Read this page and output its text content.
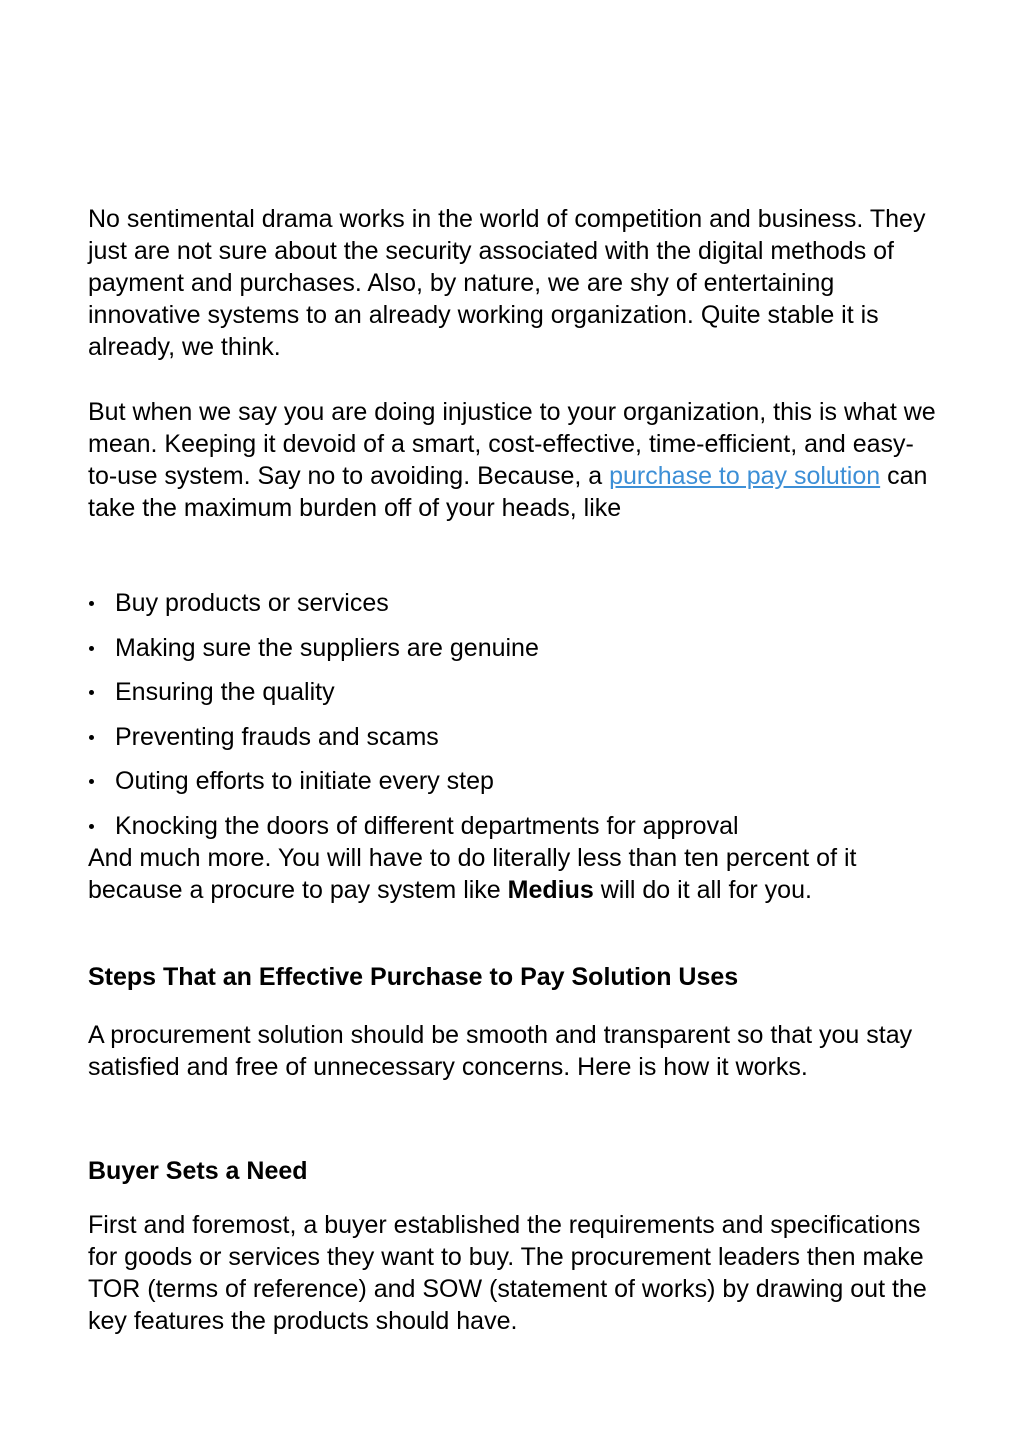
No sentimental drama works in the world of competition and business. They just are not sure about the security associated with the digital methods of payment and purchases. Also, by nature, we are shy of entertaining innovative systems to an already working organization. Quite stable it is already, we think.

But when we say you are doing injustice to your organization, this is what we mean. Keeping it devoid of a smart, cost-effective, time-efficient, and easy-to-use system. Say no to avoiding. Because, a purchase to pay solution can take the maximum burden off of your heads, like

Buy products or services
Making sure the suppliers are genuine
Ensuring the quality
Preventing frauds and scams
Outing efforts to initiate every step
Knocking the doors of different departments for approval

And much more. You will have to do literally less than ten percent of it because a procure to pay system like Medius will do it all for you.

Steps That an Effective Purchase to Pay Solution Uses

A procurement solution should be smooth and transparent so that you stay satisfied and free of unnecessary concerns. Here is how it works.

Buyer Sets a Need

First and foremost, a buyer established the requirements and specifications for goods or services they want to buy. The procurement leaders then make TOR (terms of reference) and SOW (statement of works) by drawing out the key features the products should have.
